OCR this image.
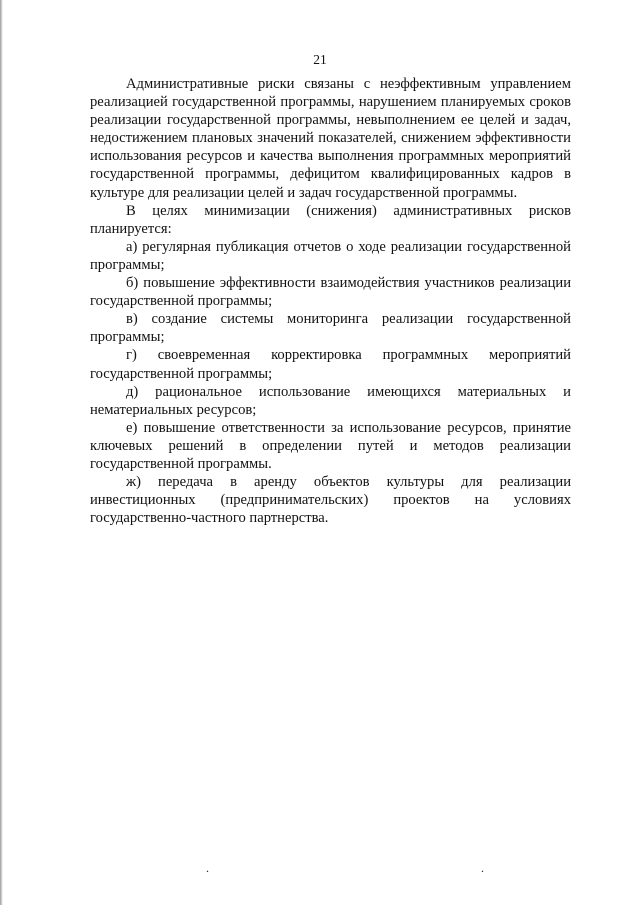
21

Административные риски связаны с неэффективным управлением реализацией государственной программы, нарушением планируемых сроков реализации государственной программы, невыполнением ее целей и задач, недостижением плановых значений показателей, снижением эффективности использования ресурсов и качества выполнения программных мероприятий государственной программы, дефицитом квалифицированных кадров в культуре для реализации целей и задач государственной программы.

В целях минимизации (снижения) административных рисков планируется:

а) регулярная публикация отчетов о ходе реализации государственной программы;

б) повышение эффективности взаимодействия участников реализации государственной программы;

в) создание системы мониторинга реализации государственной программы;

г) своевременная корректировка программных мероприятий государственной программы;

д) рациональное использование имеющихся материальных и нематериальных ресурсов;

е) повышение ответственности за использование ресурсов, принятие ключевых решений в определении путей и методов реализации государственной программы.

ж) передача в аренду объектов культуры для реализации инвестиционных (предпринимательских) проектов на условиях государственно-частного партнерства.

.	.
